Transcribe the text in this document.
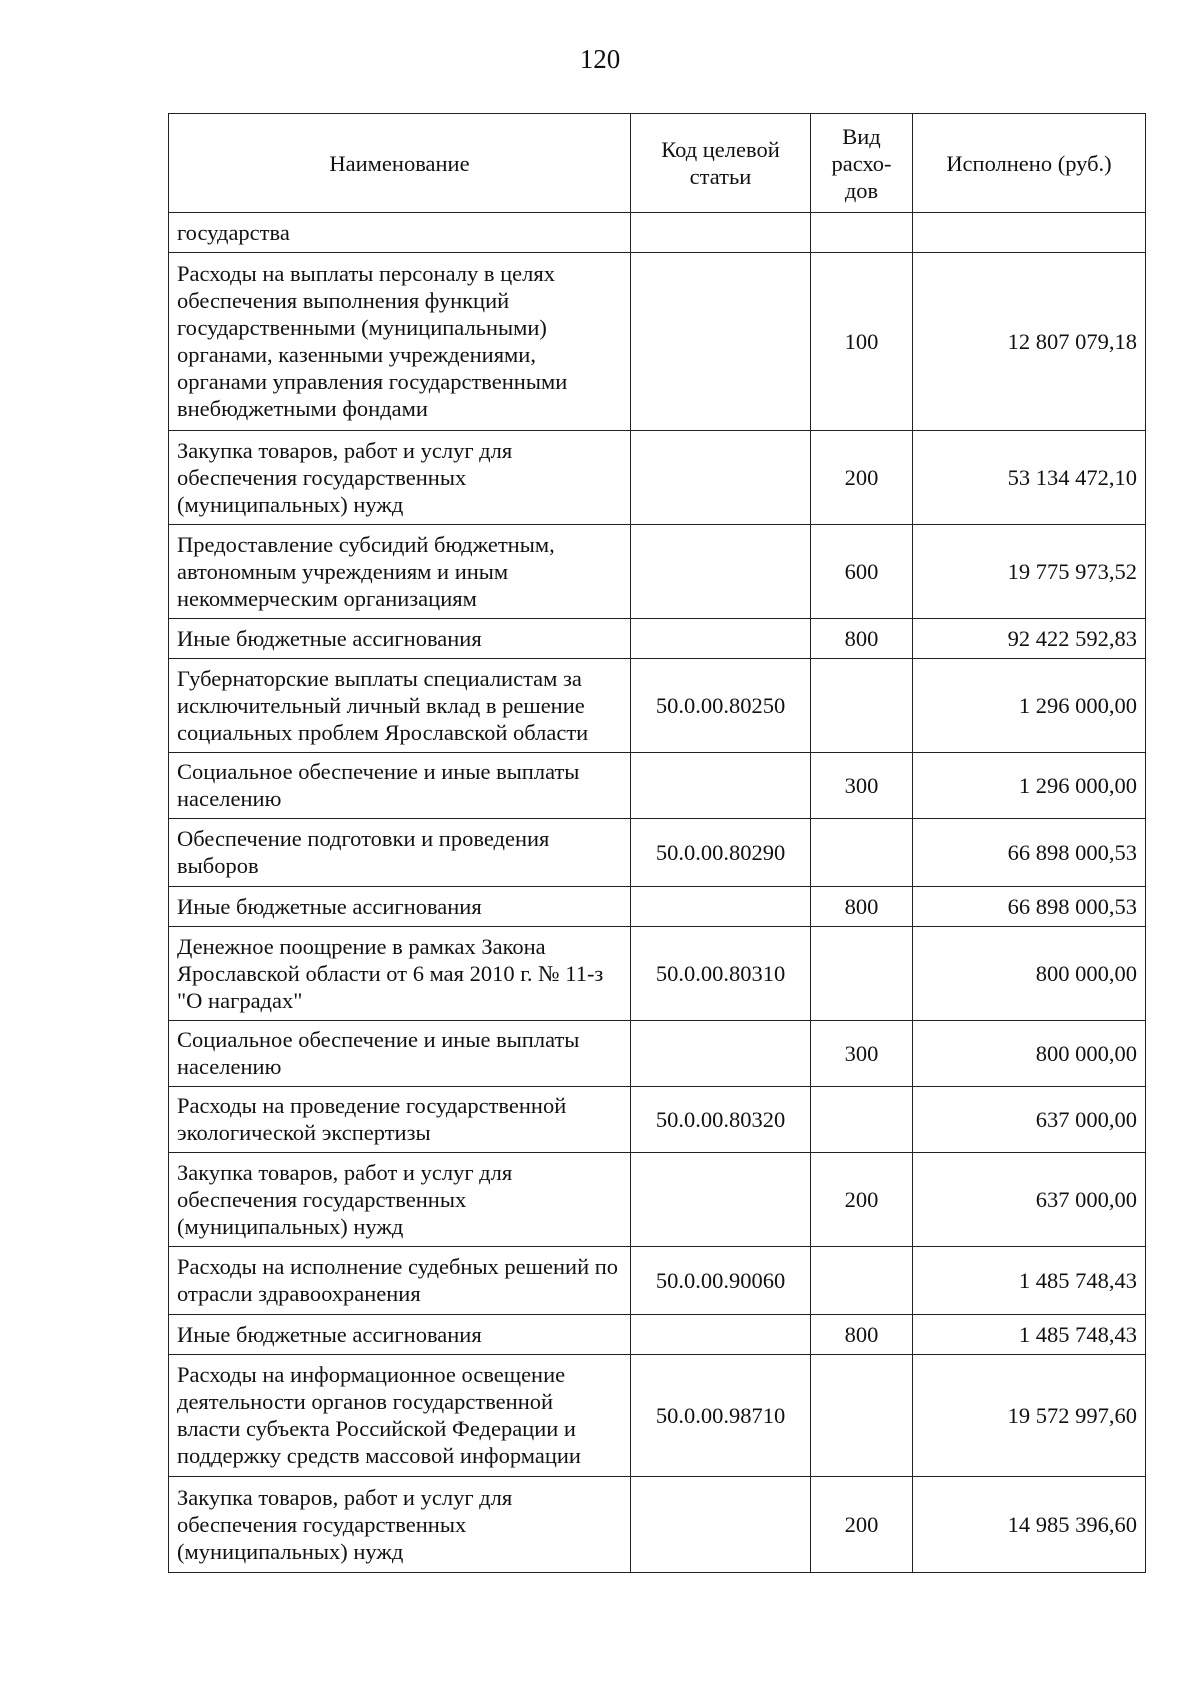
120
Наименование	Код целевой статьи	Вид расхо-дов	Исполнено (руб.)
государства			
Расходы на выплаты персоналу в целях обеспечения выполнения функций государственными (муниципальными) органами, казенными учреждениями, органами управления государственными внебюджетными фондами		100	12 807 079,18
Закупка товаров, работ и услуг для обеспечения государственных (муниципальных) нужд		200	53 134 472,10
Предоставление субсидий бюджетным, автономным учреждениям и иным некоммерческим организациям		600	19 775 973,52
Иные бюджетные ассигнования		800	92 422 592,83
Губернаторские выплаты специалистам за исключительный личный вклад в решение социальных проблем Ярославской области	50.0.00.80250		1 296 000,00
Социальное обеспечение и иные выплаты населению		300	1 296 000,00
Обеспечение подготовки и проведения выборов	50.0.00.80290		66 898 000,53
Иные бюджетные ассигнования		800	66 898 000,53
Денежное поощрение в рамках Закона Ярославской области от 6 мая 2010 г. № 11-з "О наградах"	50.0.00.80310		800 000,00
Социальное обеспечение и иные выплаты населению		300	800 000,00
Расходы на проведение государственной экологической экспертизы	50.0.00.80320		637 000,00
Закупка товаров, работ и услуг для обеспечения государственных (муниципальных) нужд		200	637 000,00
Расходы на исполнение судебных решений по отрасли здравоохранения	50.0.00.90060		1 485 748,43
Иные бюджетные ассигнования		800	1 485 748,43
Расходы на информационное освещение деятельности органов государственной власти субъекта Российской Федерации и поддержку средств массовой информации	50.0.00.98710		19 572 997,60
Закупка товаров, работ и услуг для обеспечения государственных (муниципальных) нужд		200	14 985 396,60
